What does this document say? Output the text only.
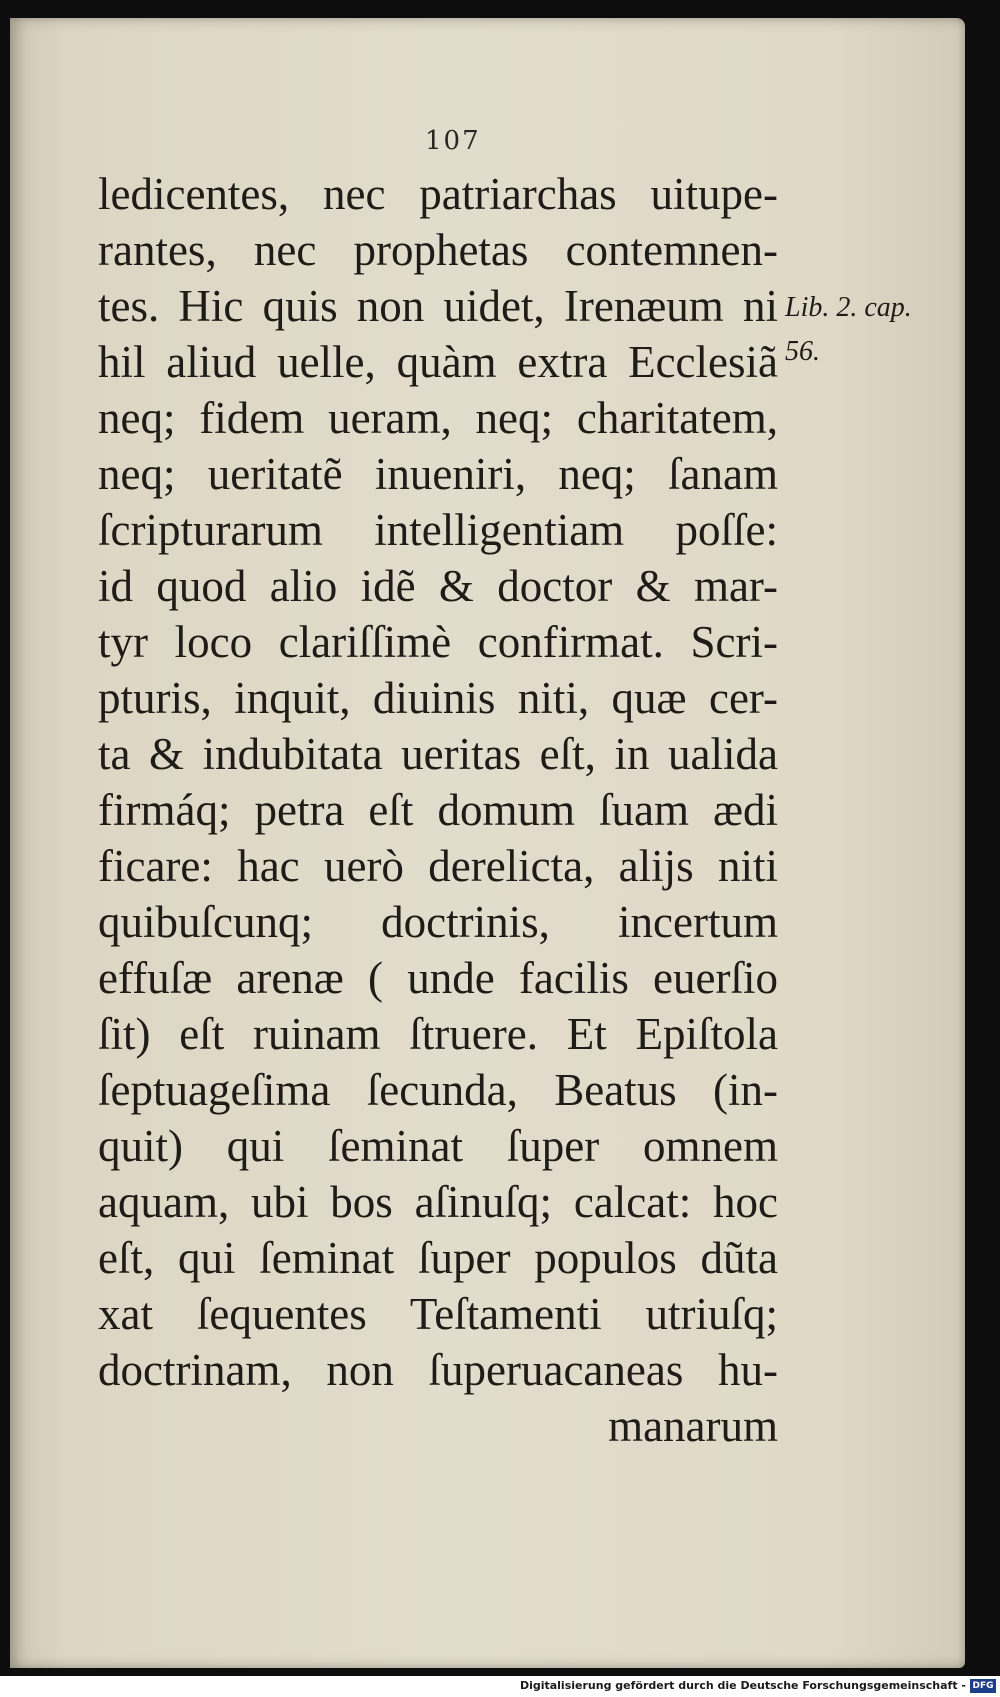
107
ledicentes, nec patriarchas uitupe-
rantes, nec prophetas contemnen-
tes. Hic quis non uidet, Irenæum ni
hil aliud uelle, quàm extra Ecclesiã
neq; fidem ueram, neq; charitatem,
neq; ueritatẽ inueniri, neq; ſanam
ſcripturarum intelligentiam poſſe:
id quod alio idẽ & doctor & mar-
tyr loco clariſſimè confirmat. Scri-
pturis, inquit, diuinis niti, quæ cer-
ta & indubitata ueritas eſt, in ualida
firmáq; petra eſt domum ſuam ædi
ficare: hac uerò derelicta, alijs niti
quibuſcunq; doctrinis, incertum
effuſæ arenæ ( unde facilis euerſio
ſit) eſt ruinam ſtruere. Et Epiſtola
ſeptuageſima ſecunda, Beatus (in-
quit) qui ſeminat ſuper omnem
aquam, ubi bos aſinuſq; calcat: hoc
eſt, qui ſeminat ſuper populos dũta
xat ſequentes Teſtamenti utriuſq;
doctrinam, non ſuperuacaneas hu-
manarum
Lib. 2. cap.
56.
Digitalisierung gefördert durch die Deutsche Forschungsgemeinschaft - DFG
